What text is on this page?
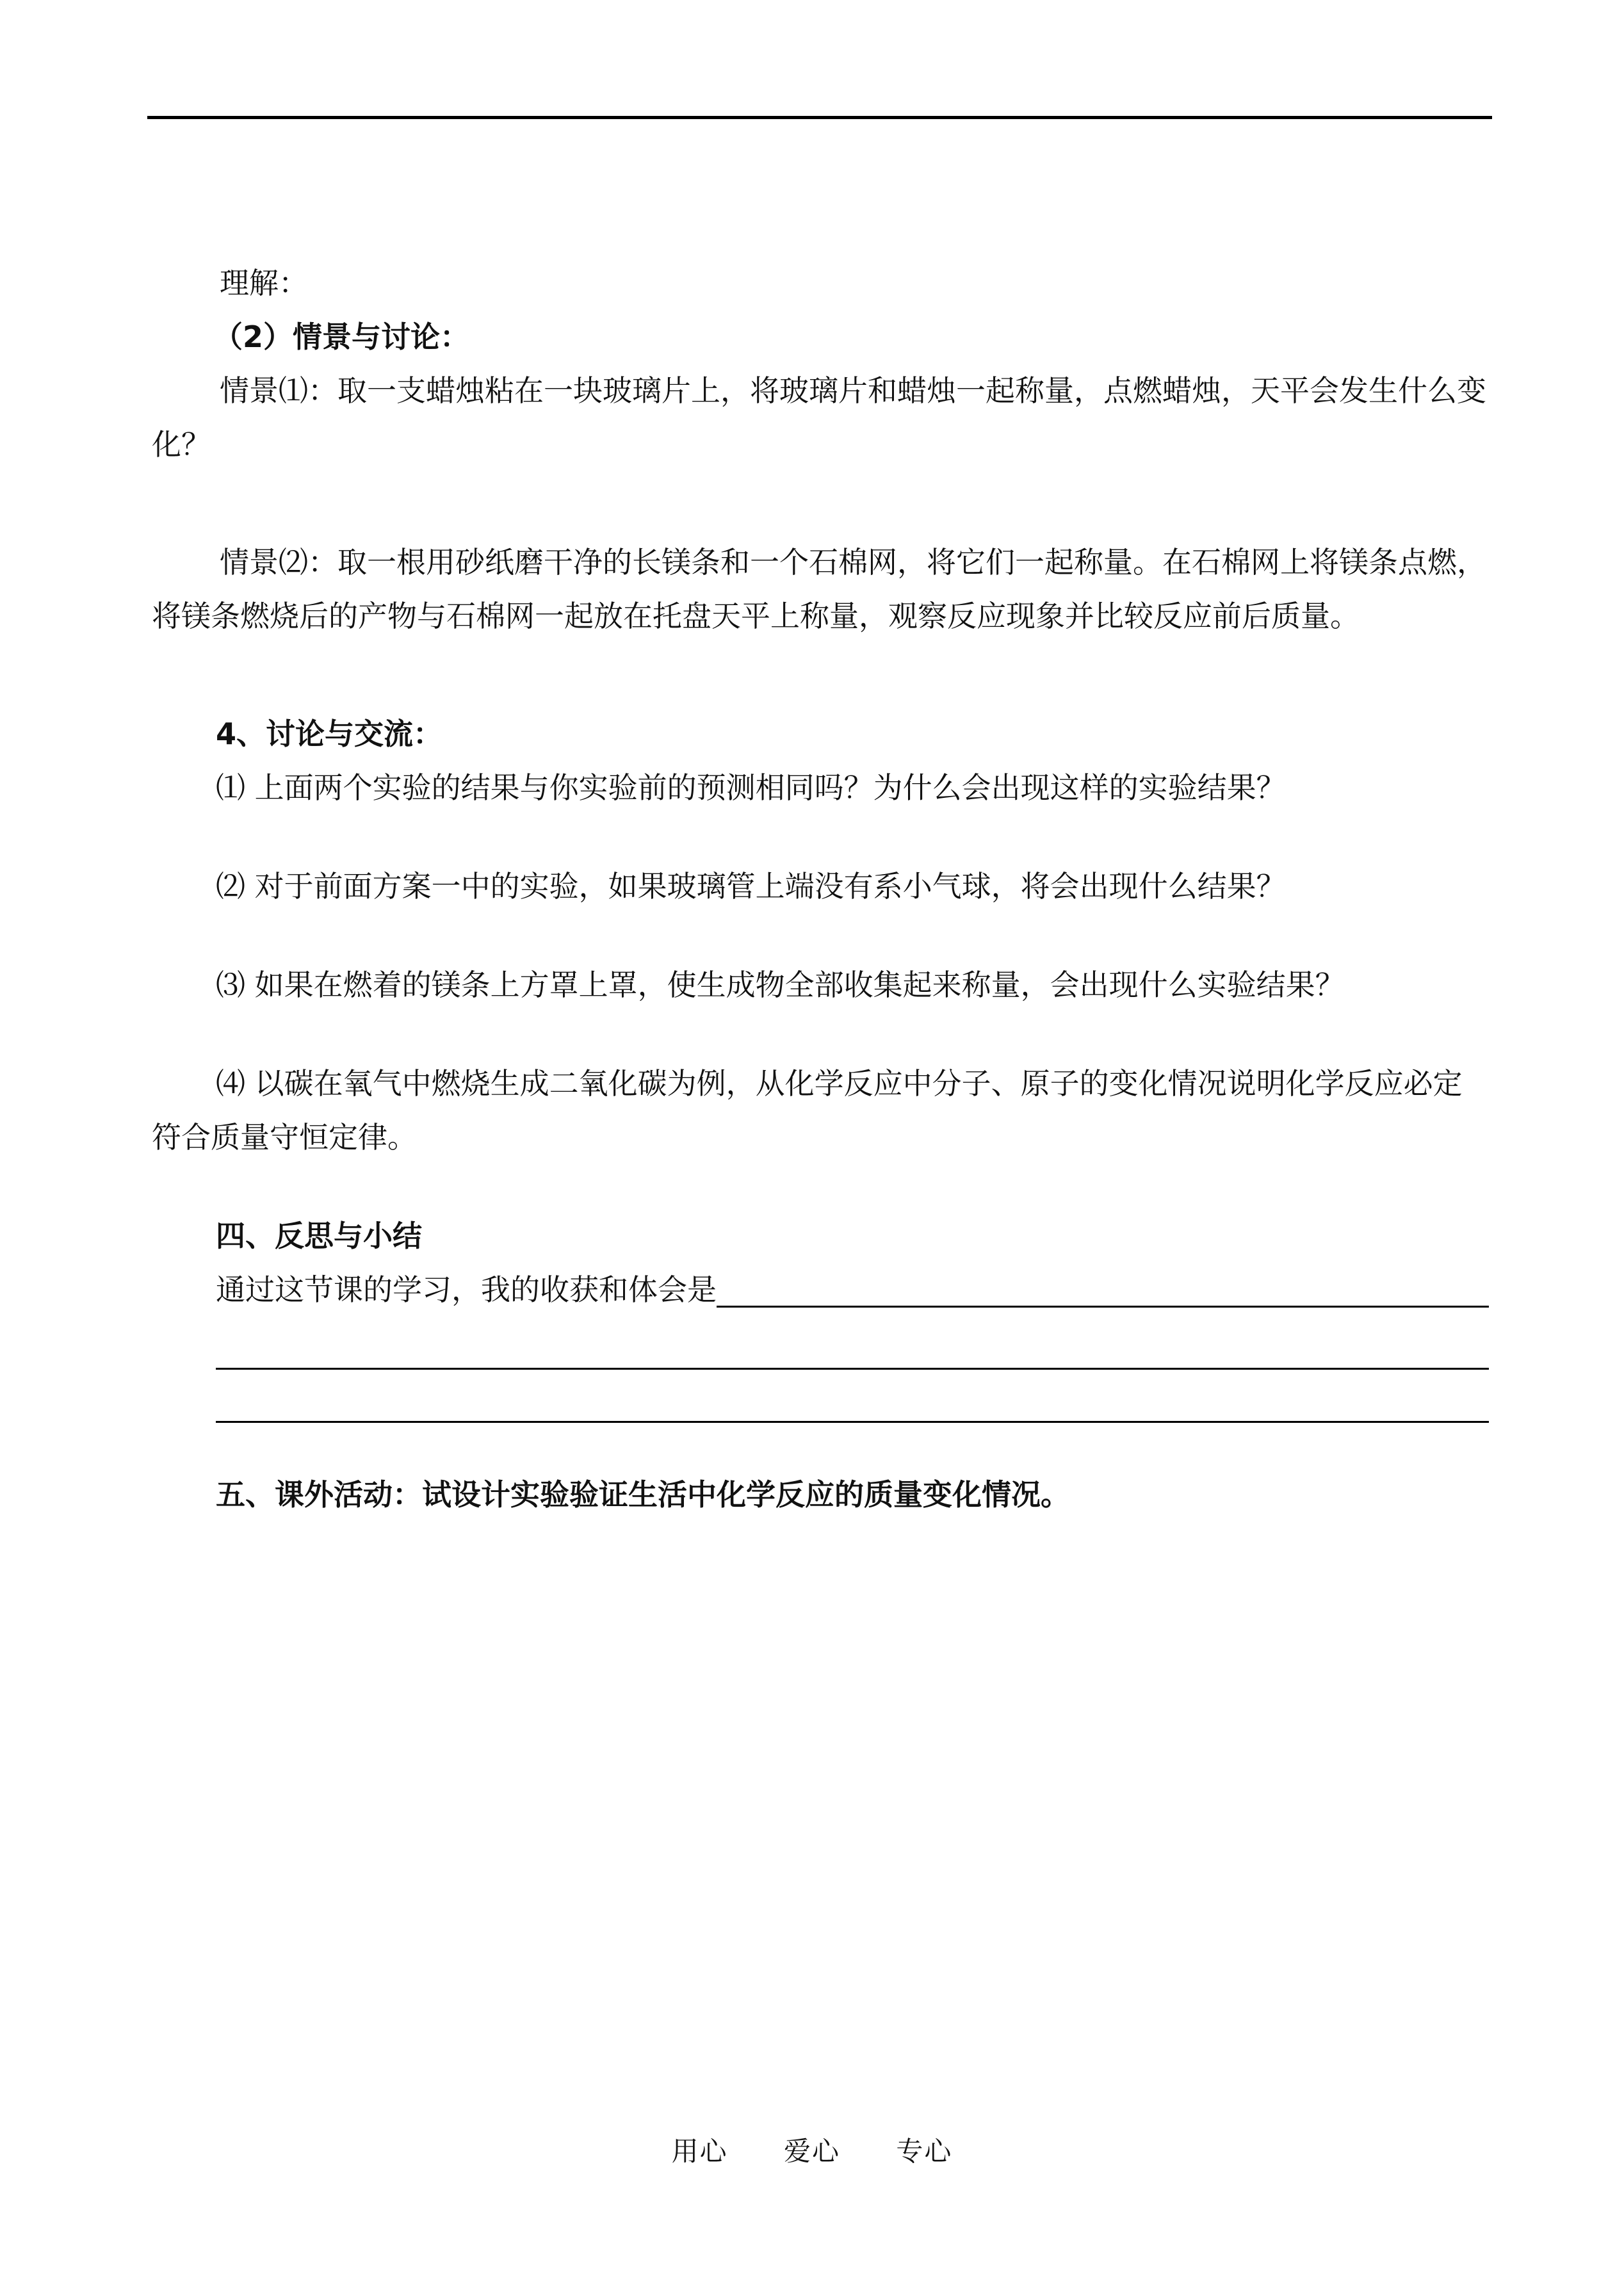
理解：

（2）情景与讨论：

情景⑴：取一支蜡烛粘在一块玻璃片上，将玻璃片和蜡烛一起称量，点燃蜡烛，天平会发生什么变化？

情景⑵：取一根用砂纸磨干净的长镁条和一个石棉网，将它们一起称量。在石棉网上将镁条点燃，将镁条燃烧后的产物与石棉网一起放在托盘天平上称量，观察反应现象并比较反应前后质量。

4、讨论与交流：

⑴ 上面两个实验的结果与你实验前的预测相同吗？为什么会出现这样的实验结果？

⑵ 对于前面方案一中的实验，如果玻璃管上端没有系小气球，将会出现什么结果？

⑶ 如果在燃着的镁条上方罩上罩，使生成物全部收集起来称量，会出现什么实验结果？

⑷ 以碳在氧气中燃烧生成二氧化碳为例，从化学反应中分子、原子的变化情况说明化学反应必定符合质量守恒定律。

四、反思与小结

通过这节课的学习，我的收获和体会是

五、课外活动：试设计实验验证生活中化学反应的质量变化情况。

用心 爱心 专心
